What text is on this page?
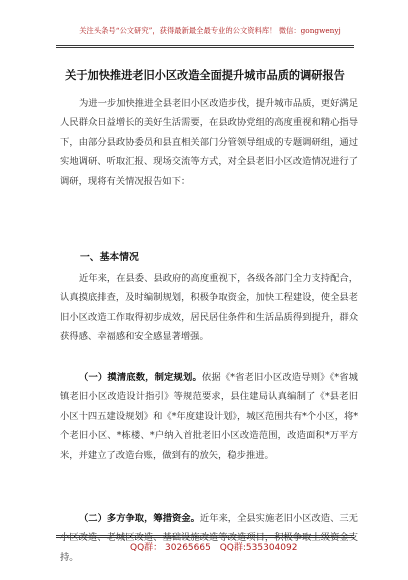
关注头条号“公文研究”，获得最新最全最专业的公文资料库！ 微信：gongwenyj
关于加快推进老旧小区改造全面提升城市品质的调研报告
为进一步加快推进全县老旧小区改造步伐，提升城市品质，更好满足人民群众日益增长的美好生活需要，在县政协党组的高度重视和精心指导下，由部分县政协委员和县直相关部门分管领导组成的专题调研组，通过实地调研、听取汇报、现场交流等方式，对全县老旧小区改造情况进行了调研，现将有关情况报告如下：
一、基本情况
近年来，在县委、县政府的高度重视下，各级各部门全力支持配合，认真摸底排查，及时编制规划，积极争取资金，加快工程建设，使全县老旧小区改造工作取得初步成效，居民居住条件和生活品质得到提升，群众获得感、幸福感和安全感显著增强。
（一）摸清底数，制定规划。依据《*省老旧小区改造导则》《*省城镇老旧小区改造设计指引》等规范要求，县住建局认真编制了《*县老旧小区十四五建设规划》和《*年度建设计划》，城区范围共有*个小区，将*个老旧小区、*栋楼、*户纳入首批老旧小区改造范围，改造面积*万平方米，并建立了改造台账，做到有的放矢，稳步推进。
（二）多方争取，筹措资金。近年来，全县实施老旧小区改造、三无小区改造、老城区改造、基础设施改造等改造项目，积极争取上级资金支持。
QQ群： 30265665 QQ群:535304092
